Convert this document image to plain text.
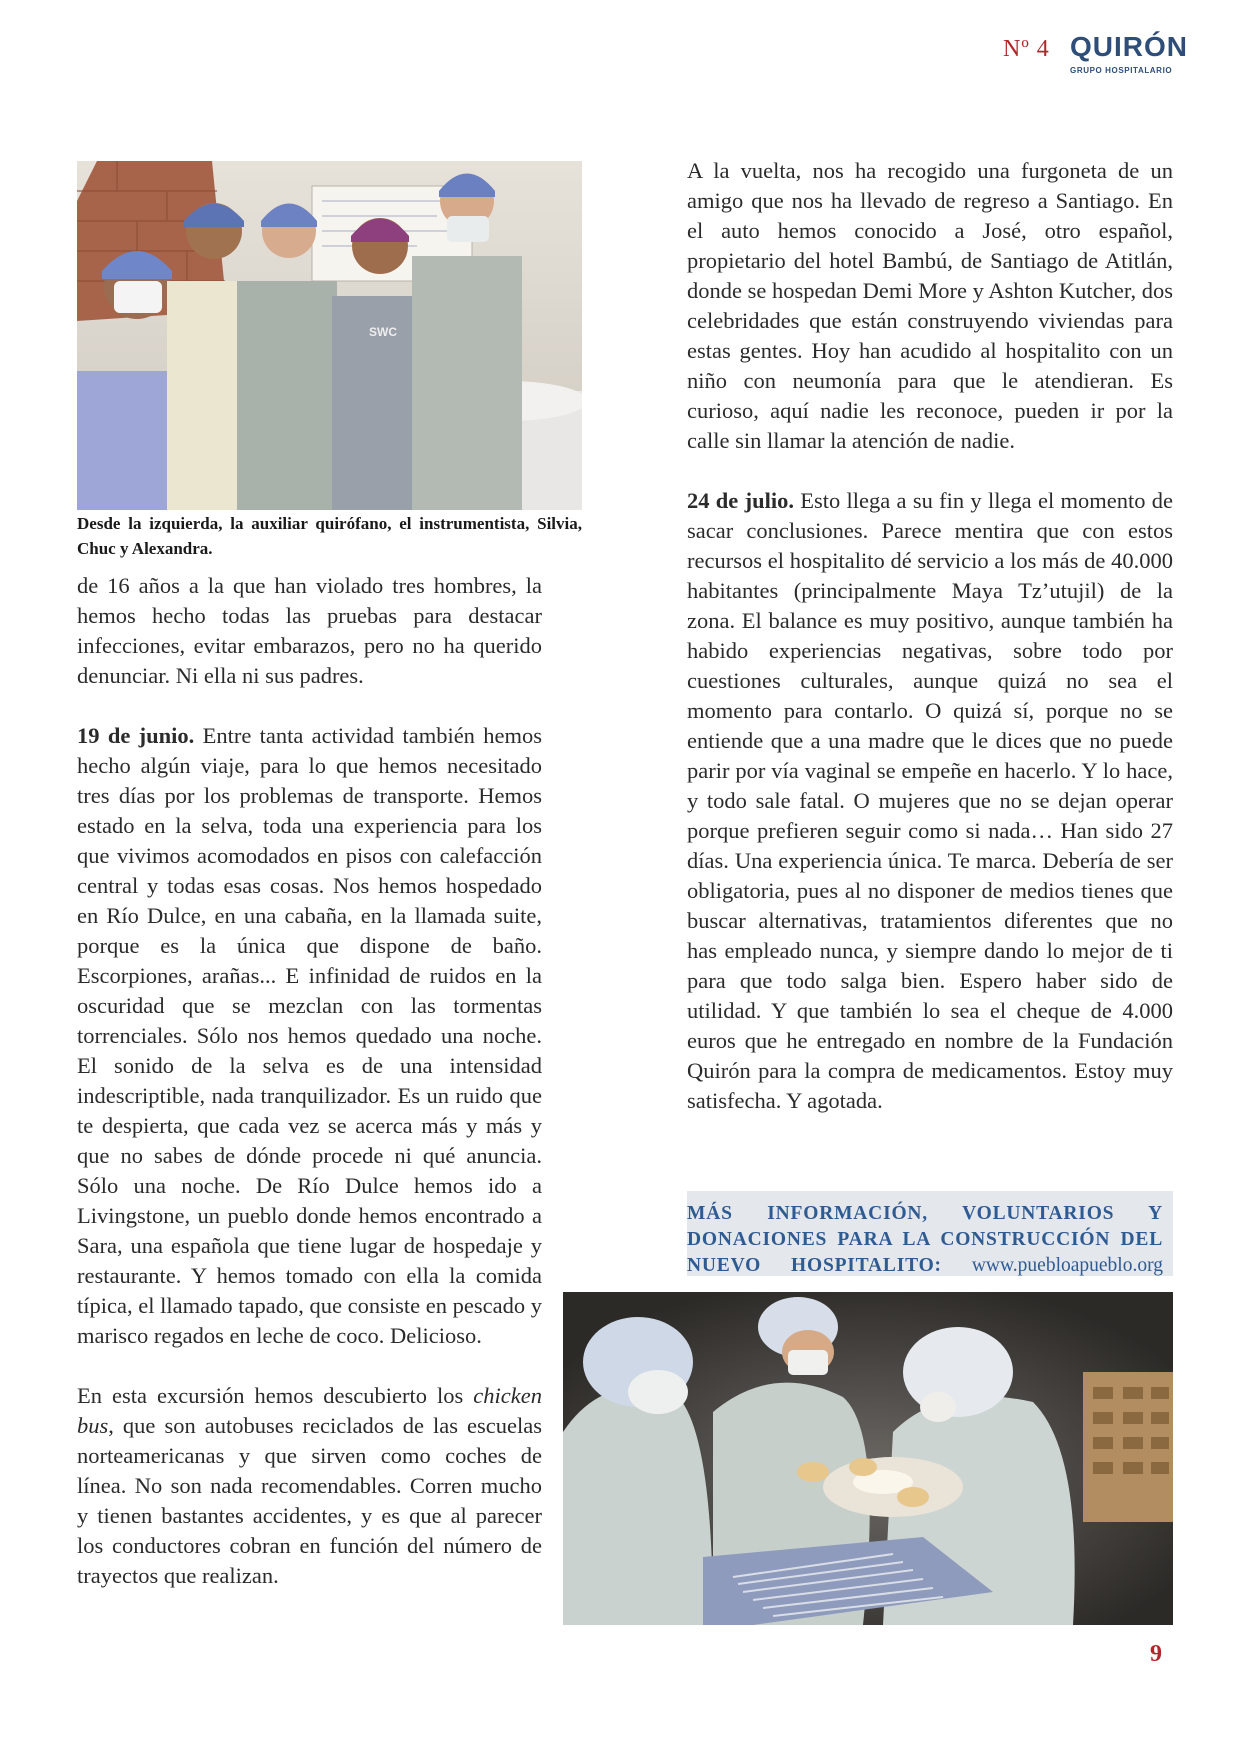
Nº 4 QUIRÓN
GRUPO HOSPITALARIO
SWC
Desde la izquierda, la auxiliar quirófano, el instrumentista, Silvia, Chuc y Alexandra.

de 16 años a la que han violado tres hombres, la hemos hecho todas las pruebas para destacar infecciones, evitar embarazos, pero no ha querido denunciar. Ni ella ni sus padres.

19 de junio. Entre tanta actividad también hemos hecho algún viaje, para lo que hemos necesitado tres días por los problemas de transporte. Hemos estado en la selva, toda una experiencia para los que vivimos acomodados en pisos con calefacción central y todas esas cosas. Nos hemos hospedado en Río Dulce, en una cabaña, en la llamada suite, porque es la única que dispone de baño. Escorpiones, arañas... E infinidad de ruidos en la oscuridad que se mezclan con las tormentas torrenciales. Sólo nos hemos quedado una noche. El sonido de la selva es de una intensidad indescriptible, nada tranquilizador. Es un ruido que te despierta, que cada vez se acerca más y más y que no sabes de dónde procede ni qué anuncia. Sólo una noche. De Río Dulce hemos ido a Livingstone, un pueblo donde hemos encontrado a Sara, una española que tiene lugar de hospedaje y restaurante. Y hemos tomado con ella la comida típica, el llamado tapado, que consiste en pescado y marisco regados en leche de coco. Delicioso.

En esta excursión hemos descubierto los chicken bus, que son autobuses reciclados de las escuelas norteamericanas y que sirven como coches de línea. No son nada recomendables. Corren mucho y tienen bastantes accidentes, y es que al parecer los conductores cobran en función del número de trayectos que realizan.

A la vuelta, nos ha recogido una furgoneta de un amigo que nos ha llevado de regreso a Santiago. En el auto hemos conocido a José, otro español, propietario del hotel Bambú, de Santiago de Atitlán, donde se hospedan Demi More y Ashton Kutcher, dos celebridades que están construyendo viviendas para estas gentes. Hoy han acudido al hospitalito con un niño con neumonía para que le atendieran. Es curioso, aquí nadie les reconoce, pueden ir por la calle sin llamar la atención de nadie.

24 de julio. Esto llega a su fin y llega el momento de sacar conclusiones. Parece mentira que con estos recursos el hospitalito dé servicio a los más de 40.000 habitantes (principalmente Maya Tz’utujil) de la zona. El balance es muy positivo, aunque también ha habido experiencias negativas, sobre todo por cuestiones culturales, aunque quizá no sea el momento para contarlo. O quizá sí, porque no se entiende que a una madre que le dices que no puede parir por vía vaginal se empeñe en hacerlo. Y lo hace, y todo sale fatal. O mujeres que no se dejan operar porque prefieren seguir como si nada… Han sido 27 días. Una experiencia única. Te marca. Debería de ser obligatoria, pues al no disponer de medios tienes que buscar alternativas, tratamientos diferentes que no has empleado nunca, y siempre dando lo mejor de ti para que todo salga bien. Espero haber sido de utilidad. Y que también lo sea el cheque de 4.000 euros que he entregado en nombre de la Fundación Quirón para la compra de medicamentos. Estoy muy satisfecha. Y agotada.

MÁS INFORMACIÓN, VOLUNTARIOS Y DONACIONES PARA LA CONSTRUCCIÓN DEL NUEVO HOSPITALITO: www.puebloapueblo.org
9
